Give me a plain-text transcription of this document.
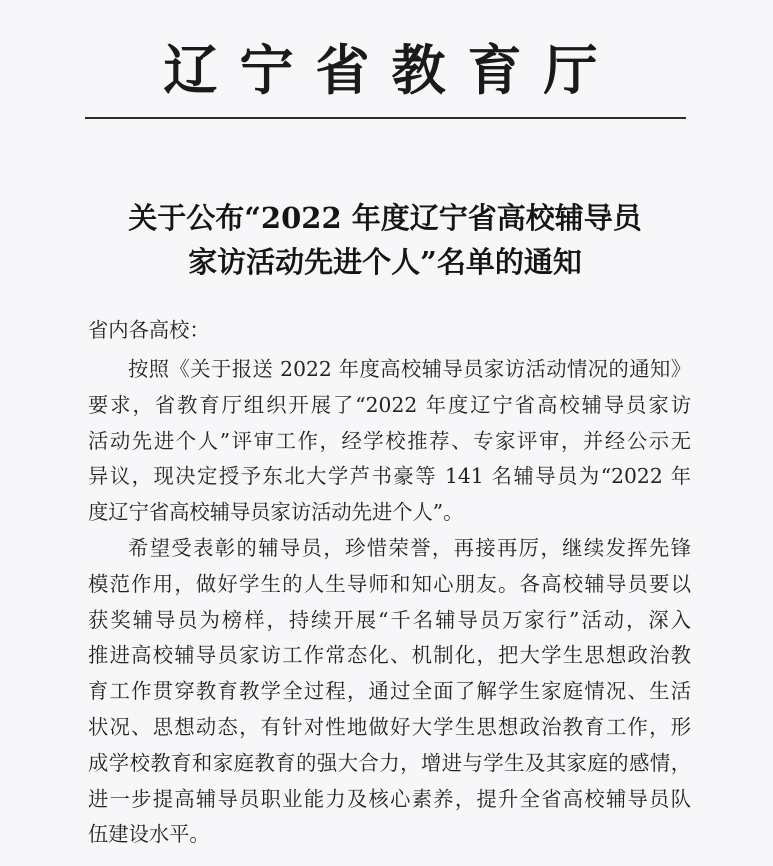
辽宁省教育厅
关于公布“2022 年度辽宁省高校辅导员
家访活动先进个人”名单的通知
省内各高校：
按照《关于报送 2022 年度高校辅导员家访活动情况的通知》
要求，省教育厅组织开展了“2022 年度辽宁省高校辅导员家访
活动先进个人”评审工作，经学校推荐、专家评审，并经公示无
异议，现决定授予东北大学芦书豪等 141 名辅导员为“2022 年
度辽宁省高校辅导员家访活动先进个人”。
希望受表彰的辅导员，珍惜荣誉，再接再厉，继续发挥先锋
模范作用，做好学生的人生导师和知心朋友。各高校辅导员要以
获奖辅导员为榜样，持续开展“千名辅导员万家行”活动，深入
推进高校辅导员家访工作常态化、机制化，把大学生思想政治教
育工作贯穿教育教学全过程，通过全面了解学生家庭情况、生活
状况、思想动态，有针对性地做好大学生思想政治教育工作，形
成学校教育和家庭教育的强大合力，增进与学生及其家庭的感情，
进一步提高辅导员职业能力及核心素养，提升全省高校辅导员队
伍建设水平。
